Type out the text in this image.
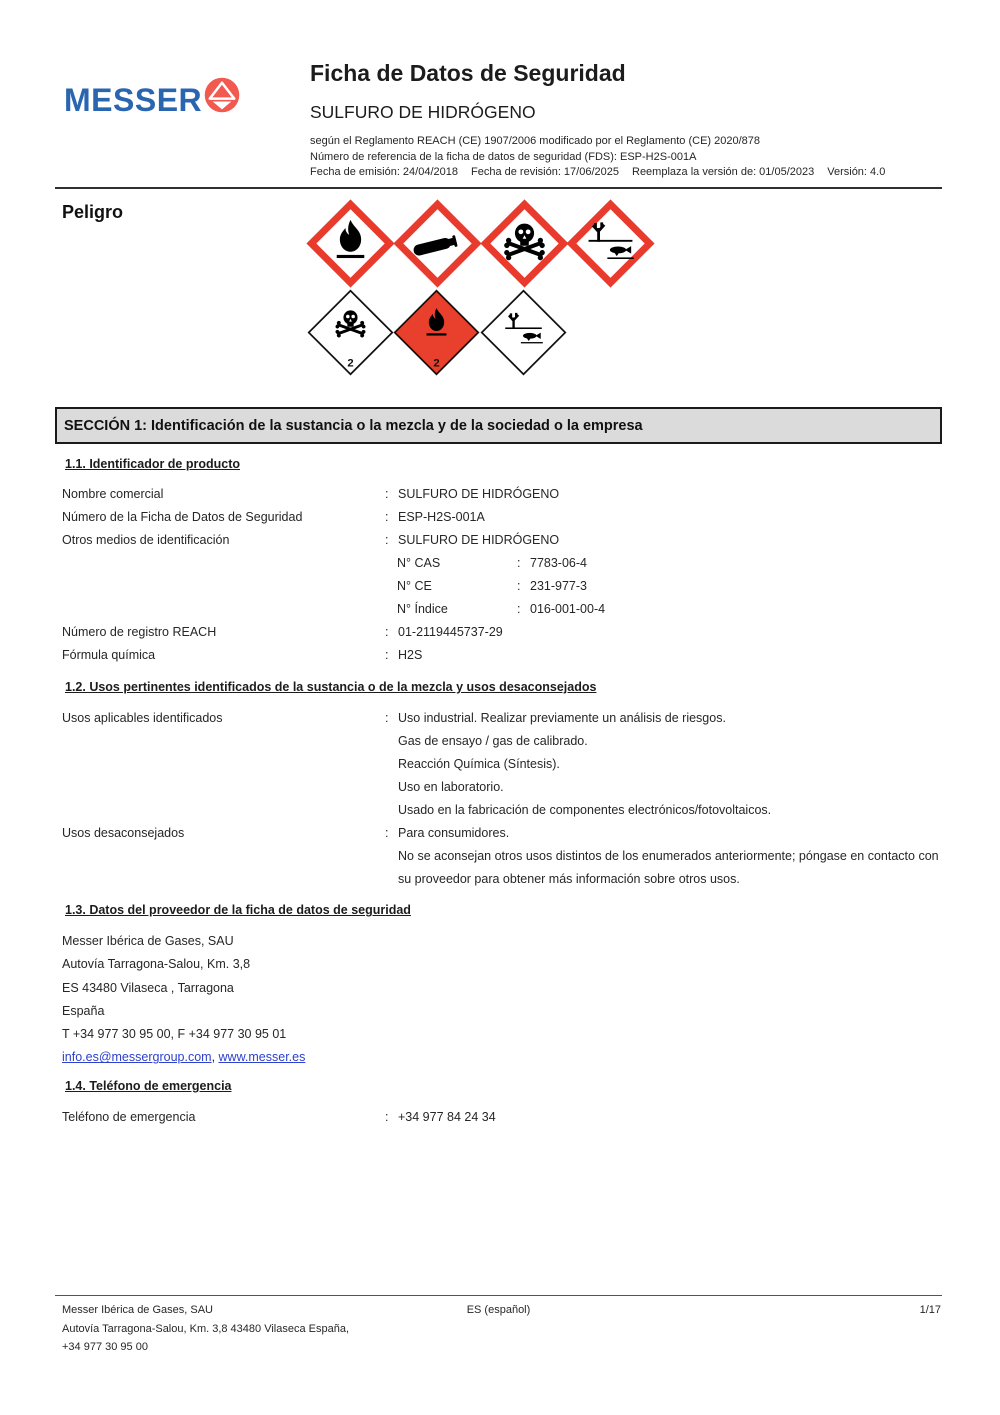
MESSER
Ficha de Datos de Seguridad
SULFURO DE HIDRÓGENO
según el Reglamento REACH (CE) 1907/2006 modificado por el Reglamento (CE) 2020/878
Número de referencia de la ficha de datos de seguridad (FDS): ESP-H2S-001A
Fecha de emisión: 24/04/2018 Fecha de revisión: 17/06/2025 Reemplaza la versión de: 01/05/2023 Versión: 4.0
Peligro
2	2
SECCIÓN 1: Identificación de la sustancia o la mezcla y de la sociedad o la empresa
1.1. Identificador de producto
Nombre comercial	: SULFURO DE HIDRÓGENO
Número de la Ficha de Datos de Seguridad	: ESP-H2S-001A
Otros medios de identificación	: SULFURO DE HIDRÓGENO
N° CAS	: 7783-06-4
N° CE	: 231-977-3
N° Índice	: 016-001-00-4
Número de registro REACH	: 01-2119445737-29
Fórmula química	: H2S
1.2. Usos pertinentes identificados de la sustancia o de la mezcla y usos desaconsejados
Usos aplicables identificados	: Uso industrial. Realizar previamente un análisis de riesgos.
Gas de ensayo / gas de calibrado.
Reacción Química (Síntesis).
Uso en laboratorio.
Usado en la fabricación de componentes electrónicos/fotovoltaicos.
Usos desaconsejados	: Para consumidores.
No se aconsejan otros usos distintos de los enumerados anteriormente; póngase en contacto con su proveedor para obtener más información sobre otros usos.
1.3. Datos del proveedor de la ficha de datos de seguridad
Messer Ibérica de Gases, SAU
Autovía Tarragona-Salou, Km. 3,8
ES 43480 Vilaseca , Tarragona
España
T +34 977 30 95 00, F +34 977 30 95 01
info.es@messergroup.com, www.messer.es
1.4. Teléfono de emergencia
Teléfono de emergencia	: +34 977 84 24 34
Messer Ibérica de Gases, SAU
Autovía Tarragona-Salou, Km. 3,8 43480 Vilaseca España,
+34 977 30 95 00
ES (español)	1/17
